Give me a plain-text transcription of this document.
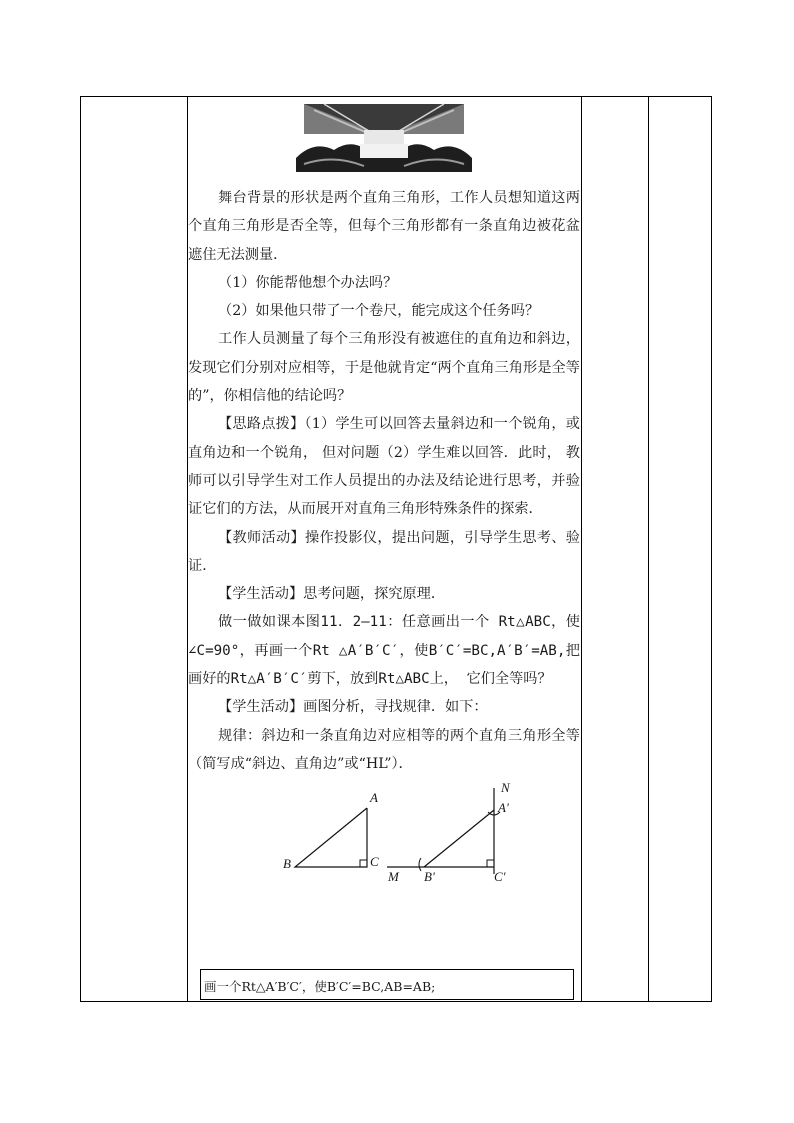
舞台背景的形状是两个直角三角形，工作人员想知道这两个直角三角形是否全等，但每个三角形都有一条直角边被花盆遮住无法测量．

（1）你能帮他想个办法吗？

（2）如果他只带了一个卷尺，能完成这个任务吗？

工作人员测量了每个三角形没有被遮住的直角边和斜边，发现它们分别对应相等，于是他就肯定“两个直角三角形是全等的”，你相信他的结论吗？

【思路点拨】（1）学生可以回答去量斜边和一个锐角，或直角边和一个锐角， 但对问题（2）学生难以回答．此时， 教师可以引导学生对工作人员提出的办法及结论进行思考，并验证它们的方法，从而展开对直角三角形特殊条件的探索．

【教师活动】操作投影仪，提出问题，引导学生思考、验证．

【学生活动】思考问题，探究原理．

做一做如课本图11．2—11：任意画出一个 Rt△ABC，使∠C=90°，再画一个Rt △A′B′C′，使B′C′=BC,A′B′=AB,把画好的Rt△A′B′C′剪下，放到Rt△ABC上， 它们全等吗？

【学生活动】画图分析，寻找规律．如下：

规律：斜边和一条直角边对应相等的两个直角三角形全等（简写成“斜边、直角边”或“HL”）．

A
B	C
N
A'
M B'	C'
画一个Rt△A′B′C′，使B′C′=BC,AB=AB;
